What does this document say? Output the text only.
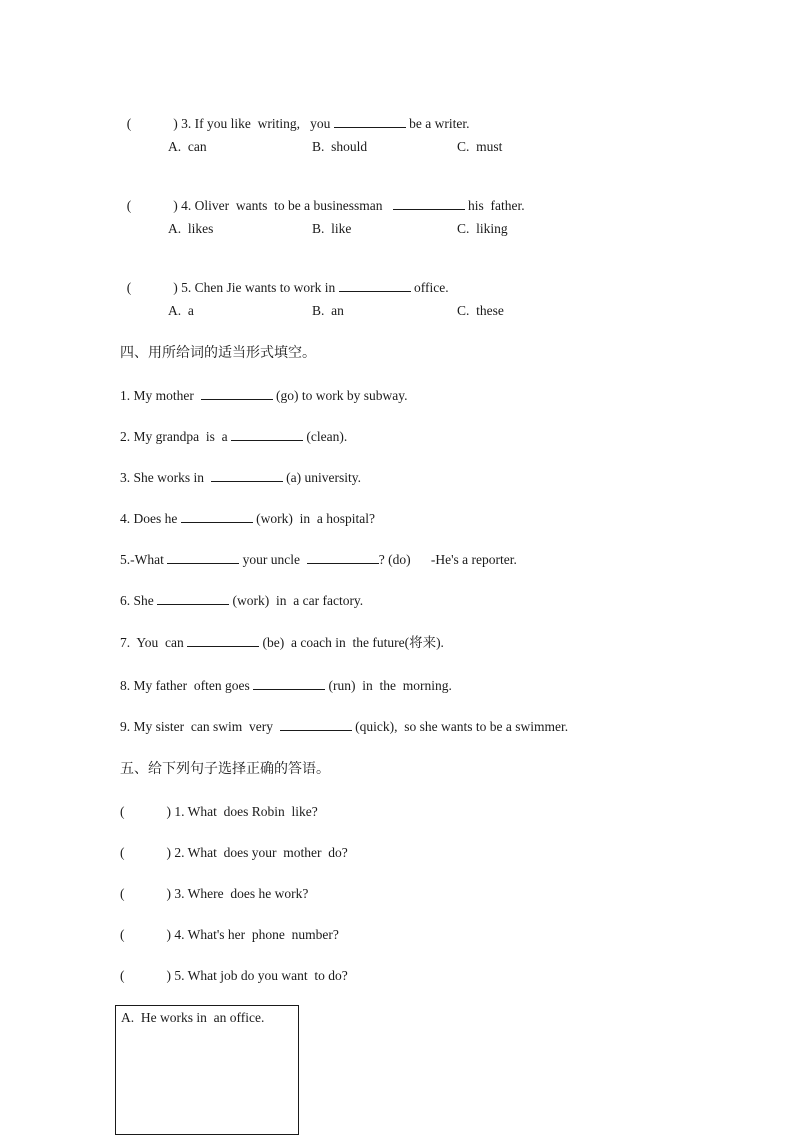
(	) 3. If you like  writing,   you	be a writer.

A.  can	B.  should	C.  must

(	) 4. Oliver  wants  to be a businessman	his  father.

A.  likes	B.  like	C.  liking

(	) 5. Chen Jie wants to work in	office.

A.  a	B.  an	C.  these
四、用所给词的适当形式填空。
1. My mother	(go) to work by subway.
2. My grandpa  is  a	(clean).
3. She works in	(a) university.
4. Does he	(work)  in  a hospital?
5.-What	your uncle	? (do)      -He's a reporter.
6. She	(work)  in  a car factory.
7.  You  can	(be)  a coach in  the future(将来).
8. My father  often goes	(run)  in  the  morning.
9. My sister  can swim  very	(quick),  so she wants to be a swimmer.
五、给下列句子选择正确的答语。
(	) 1. What  does Robin  like?
(	) 2. What  does your  mother  do?
(	) 3. Where  does he work?
(	) 4. What's her  phone  number?
(	) 5. What job do you want  to do?
A.  He works in  an office.
